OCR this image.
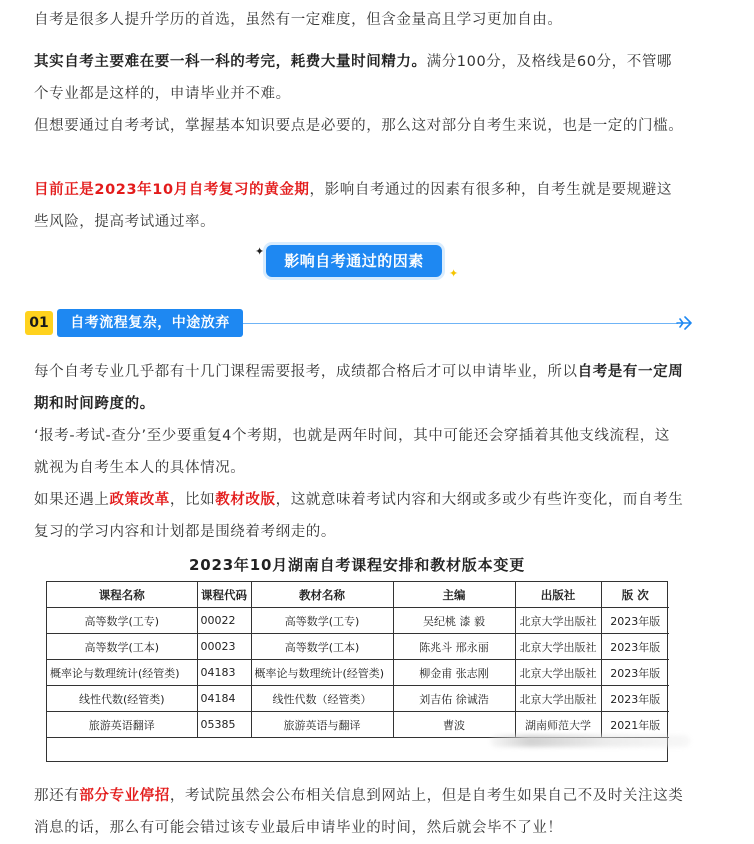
自考是很多人提升学历的首选，虽然有一定难度，但含金量高且学习更加自由。

其实自考主要难在要一科一科的考完，耗费大量时间精力。满分100分，及格线是60分，不管哪个专业都是这样的，申请毕业并不难。

但想要通过自考考试，掌握基本知识要点是必要的，那么这对部分自考生来说，也是一定的门槛。

目前正是2023年10月自考复习的黄金期，影响自考通过的因素有很多种，自考生就是要规避这些风险，提高考试通过率。

✦
影响自考通过的因素
✦
01	自考流程复杂，中途放弃

每个自考专业几乎都有十几门课程需要报考，成绩都合格后才可以申请毕业，所以自考是有一定周期和时间跨度的。

‘报考-考试-查分’至少要重复4个考期，也就是两年时间，其中可能还会穿插着其他支线流程，这就视为自考生本人的具体情况。

如果还遇上政策改革，比如教材改版，这就意味着考试内容和大纲或多或少有些许变化，而自考生复习的学习内容和计划都是围绕着考纲走的。

2023年10月湖南自考课程安排和教材版本变更
课程名称	课程代码	教材名称	主编	出版社	版 次
高等数学(工专)	00022	高等数学(工专)	吴纪桃 漆 毅	北京大学出版社	2023年版
高等数学(工本)	00023	高等数学(工本)	陈兆斗 邢永丽	北京大学出版社	2023年版
概率论与数理统计(经管类)	04183	概率论与数理统计(经管类)	柳金甫 张志刚	北京大学出版社	2023年版
线性代数(经管类)	04184	线性代数（经管类）	刘吉佑 徐诚浩	北京大学出版社	2023年版
旅游英语翻译	05385	旅游英语与翻译	曹波	湖南师范大学	2021年版

那还有部分专业停招，考试院虽然会公布相关信息到网站上，但是自考生如果自己不及时关注这类消息的话，那么有可能会错过该专业最后申请毕业的时间，然后就会毕不了业！
